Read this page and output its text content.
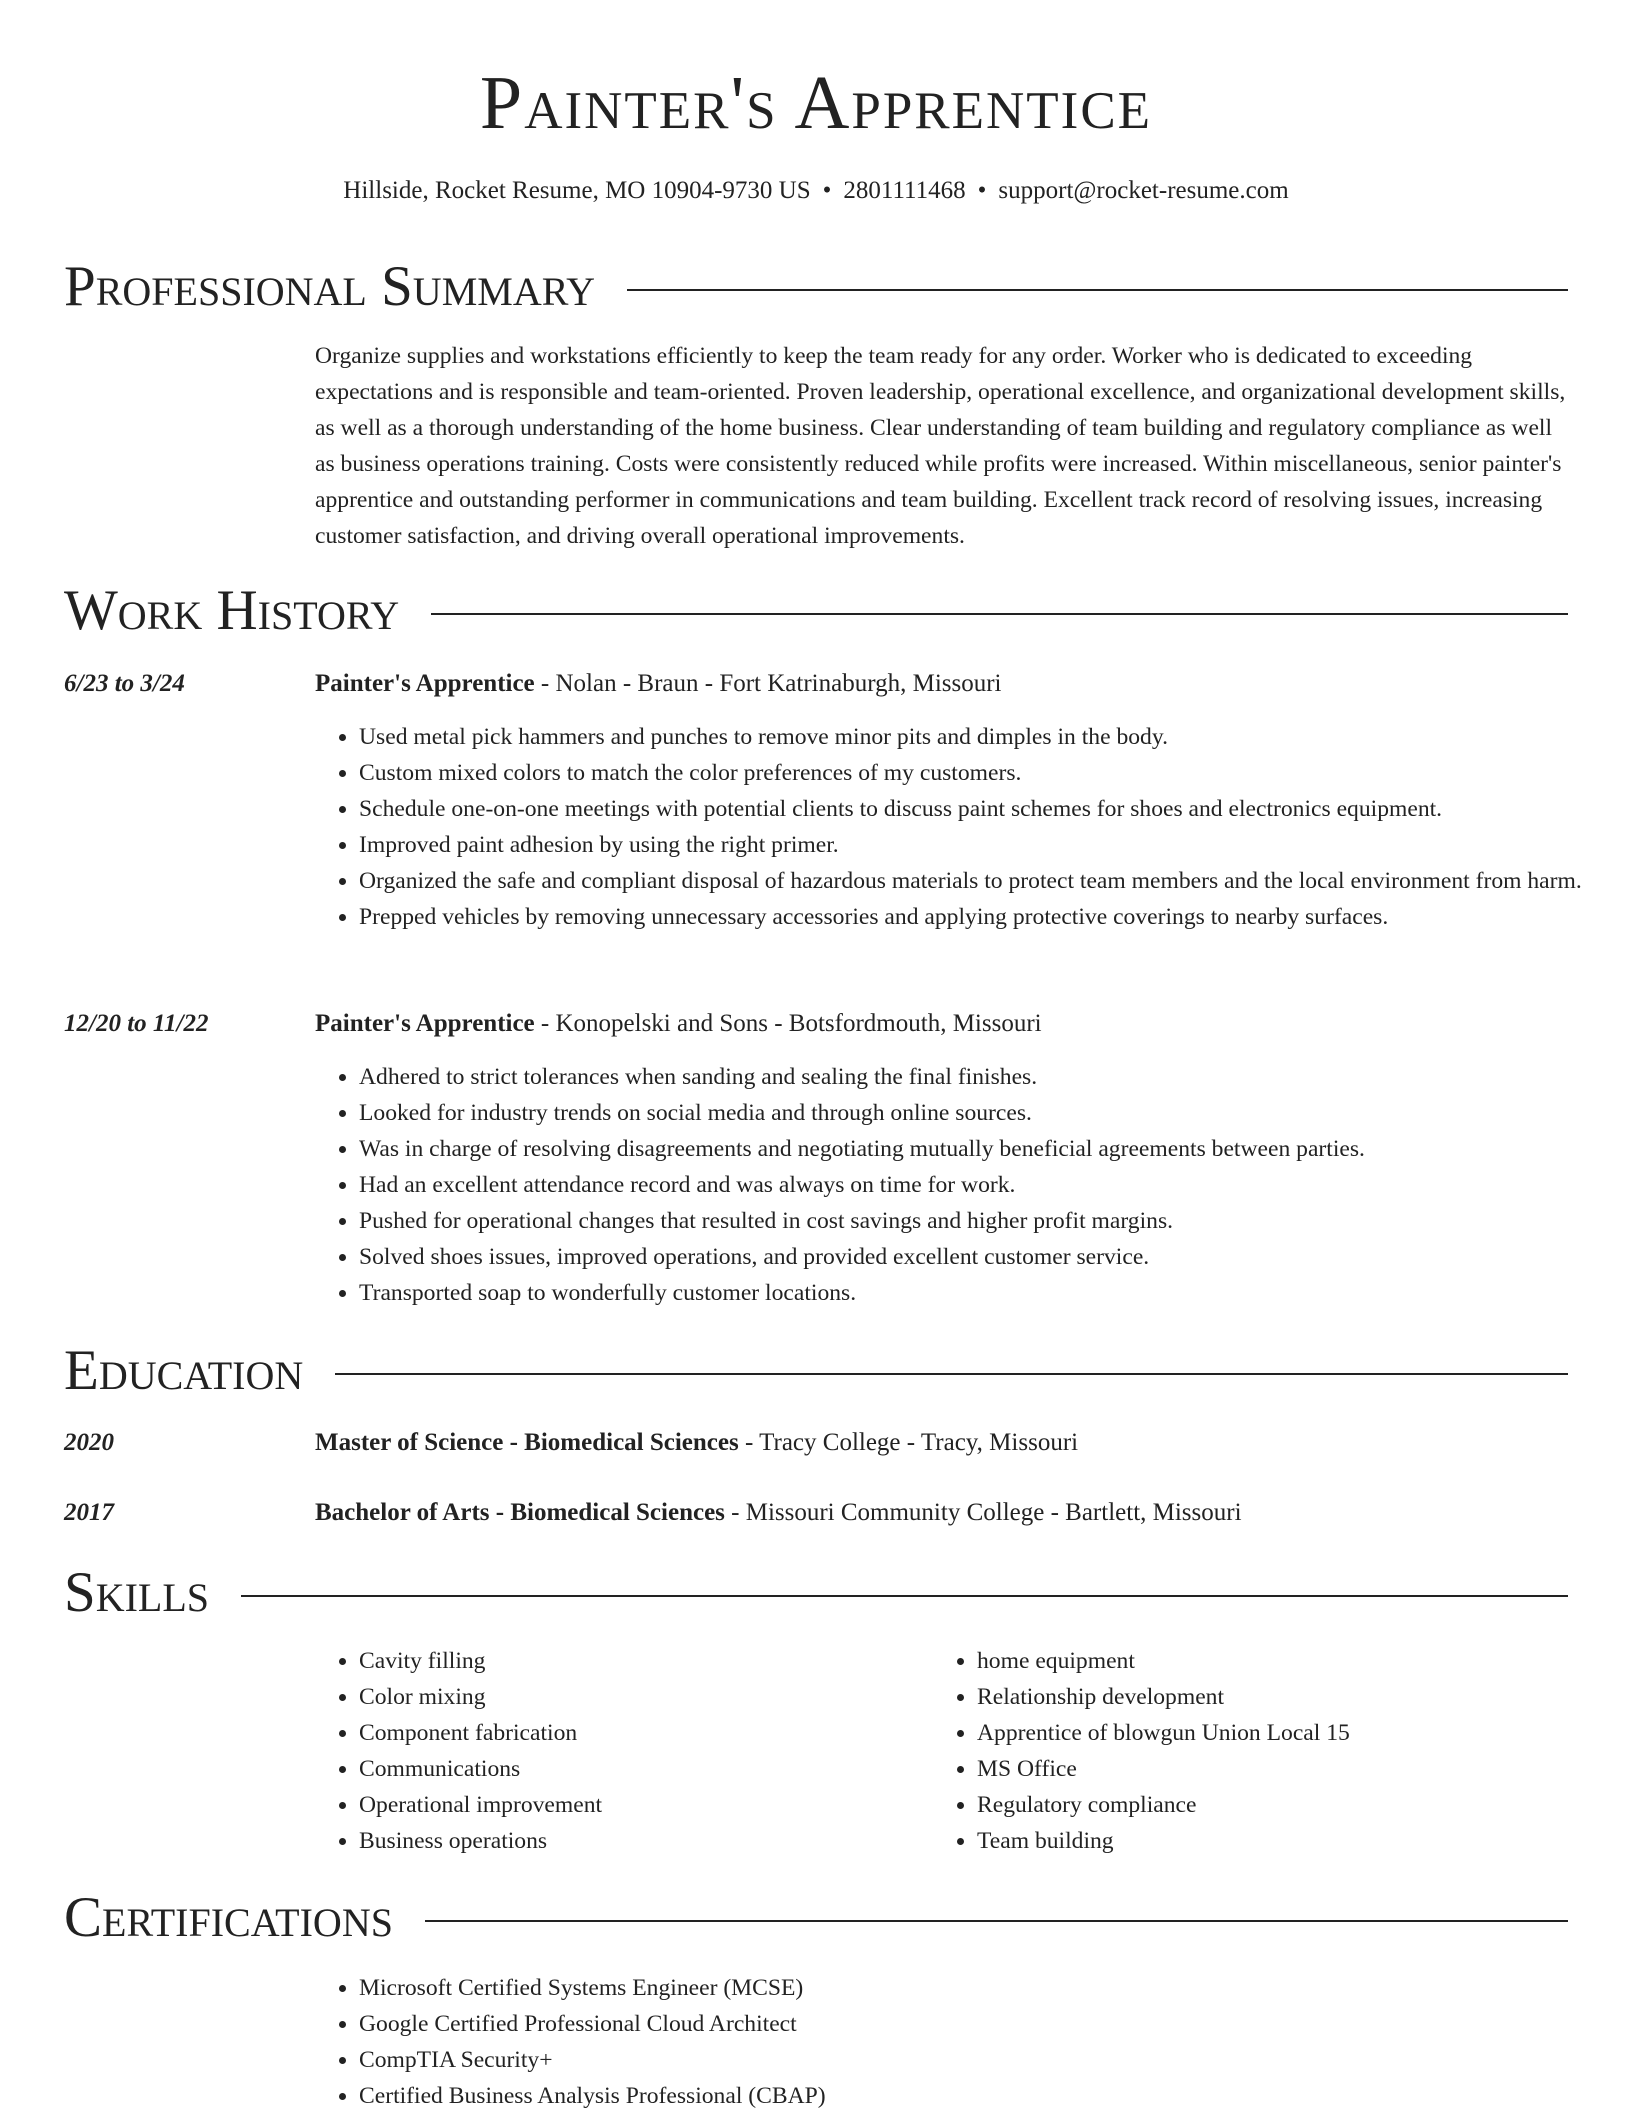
Painter's Apprentice
Hillside, Rocket Resume, MO 10904-9730 US • 2801111468 • support@rocket-resume.com
Professional Summary

Organize supplies and workstations efficiently to keep the team ready for any order. Worker who is dedicated to exceeding expectations and is responsible and team-oriented. Proven leadership, operational excellence, and organizational development skills, as well as a thorough understanding of the home business. Clear understanding of team building and regulatory compliance as well as business operations training. Costs were consistently reduced while profits were increased. Within miscellaneous, senior painter's apprentice and outstanding performer in communications and team building. Excellent track record of resolving issues, increasing customer satisfaction, and driving overall operational improvements.

Work History
6/23 to 3/24	Painter's Apprentice - Nolan - Braun - Fort Katrinaburgh, Missouri
• Used metal pick hammers and punches to remove minor pits and dimples in the body.
• Custom mixed colors to match the color preferences of my customers.
• Schedule one-on-one meetings with potential clients to discuss paint schemes for shoes and electronics equipment.
• Improved paint adhesion by using the right primer.
• Organized the safe and compliant disposal of hazardous materials to protect team members and the local environment from harm.
• Prepped vehicles by removing unnecessary accessories and applying protective coverings to nearby surfaces.
12/20 to 11/22	Painter's Apprentice - Konopelski and Sons - Botsfordmouth, Missouri
• Adhered to strict tolerances when sanding and sealing the final finishes.
• Looked for industry trends on social media and through online sources.
• Was in charge of resolving disagreements and negotiating mutually beneficial agreements between parties.
• Had an excellent attendance record and was always on time for work.
• Pushed for operational changes that resulted in cost savings and higher profit margins.
• Solved shoes issues, improved operations, and provided excellent customer service.
• Transported soap to wonderfully customer locations.
Education
2020	Master of Science - Biomedical Sciences - Tracy College - Tracy, Missouri
2017	Bachelor of Arts - Biomedical Sciences - Missouri Community College - Bartlett, Missouri
Skills
• Cavity filling
• Color mixing
• Component fabrication
• Communications
• Operational improvement
• Business operations
• home equipment
• Relationship development
• Apprentice of blowgun Union Local 15
• MS Office
• Regulatory compliance
• Team building
Certifications
• Microsoft Certified Systems Engineer (MCSE)
• Google Certified Professional Cloud Architect
• CompTIA Security+
• Certified Business Analysis Professional (CBAP)
